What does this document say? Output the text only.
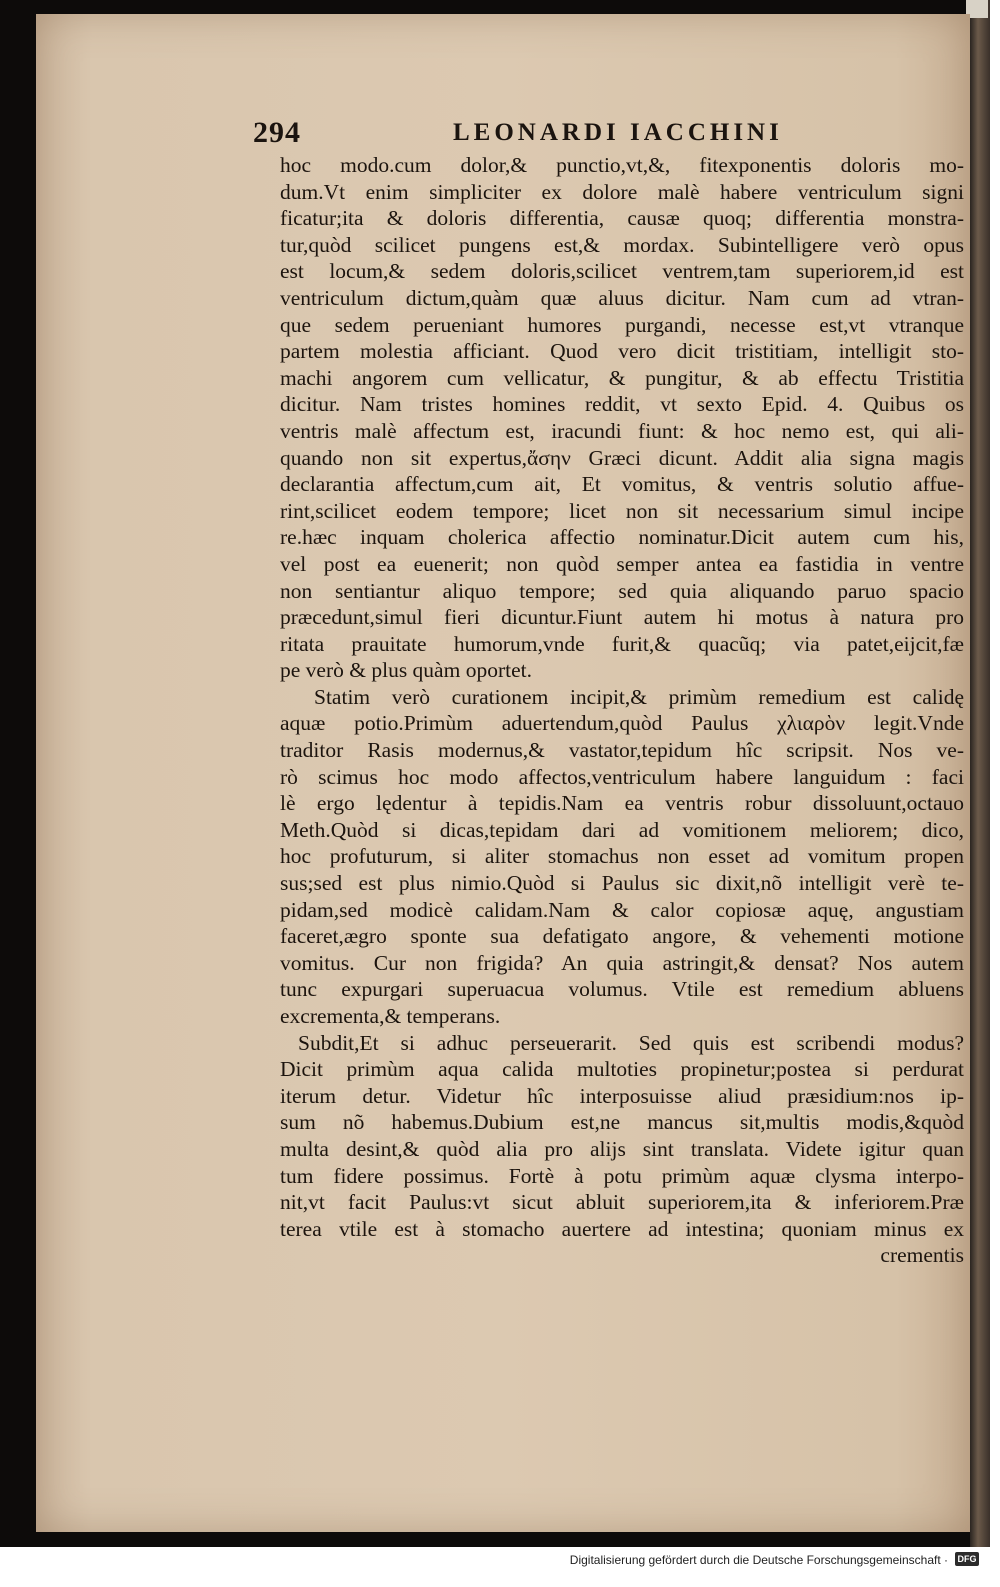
294	LEONARDI IACCHINI
hoc modo.cum dolor,& punctio,vt,&, fitexponentis doloris mo-
dum.Vt enim simpliciter ex dolore malè habere ventriculum signi
ficatur;ita & doloris differentia, causæ quoq; differentia monstra-
tur,quòd scilicet pungens est,& mordax. Subintelligere verò opus
est locum,& sedem doloris,scilicet ventrem,tam superiorem,id est
ventriculum dictum,quàm quæ aluus dicitur. Nam cum ad vtran-
que sedem perueniant humores purgandi, necesse est,vt vtranque
partem molestia afficiant. Quod vero dicit tristitiam, intelligit sto-
machi angorem cum vellicatur, & pungitur, & ab effectu Tristitia
dicitur. Nam tristes homines reddit, vt sexto Epid. 4. Quibus os
ventris malè affectum est, iracundi fiunt: & hoc nemo est, qui ali-
quando non sit expertus,ἄσην Græci dicunt. Addit alia signa magis
declarantia affectum,cum ait, Et vomitus, & ventris solutio affue-
rint,scilicet eodem tempore; licet non sit necessarium simul incipe
re.hæc inquam cholerica affectio nominatur.Dicit autem cum his,
vel post ea euenerit; non quòd semper antea ea fastidia in ventre
non sentiantur aliquo tempore; sed quia aliquando paruo spacio
præcedunt,simul fieri dicuntur.Fiunt autem hi motus à natura pro
ritata prauitate humorum,vnde furit,& quacũq; via patet,eijcit,fæ
pe verò & plus quàm oportet.
Statim verò curationem incipit,& primùm remedium est calidę
aquæ potio.Primùm aduertendum,quòd Paulus χλιαρὸν legit.Vnde
traditor Rasis modernus,& vastator,tepidum hîc scripsit. Nos ve-
rò scimus hoc modo affectos,ventriculum habere languidum : faci
lè ergo lędentur à tepidis.Nam ea ventris robur dissoluunt,octauo
Meth.Quòd si dicas,tepidam dari ad vomitionem meliorem; dico,
hoc profuturum, si aliter stomachus non esset ad vomitum propen
sus;sed est plus nimio.Quòd si Paulus sic dixit,nõ intelligit verè te-
pidam,sed modicè calidam.Nam & calor copiosæ aquę, angustiam
faceret,ægro sponte sua defatigato angore, & vehementi motione
vomitus. Cur non frigida? An quia astringit,& densat? Nos autem
tunc expurgari superuacua volumus. Vtile est remedium abluens
excrementa,& temperans.
Subdit,Et si adhuc perseuerarit. Sed quis est scribendi modus?
Dicit primùm aqua calida multoties propinetur;postea si perdurat
iterum detur. Videtur hîc interposuisse aliud præsidium:nos ip-
sum nõ habemus.Dubium est,ne mancus sit,multis modis,&quòd
multa desint,& quòd alia pro alijs sint translata. Videte igitur quan
tum fidere possimus. Fortè à potu primùm aquæ clysma interpo-
nit,vt facit Paulus:vt sicut abluit superiorem,ita & inferiorem.Præ
terea vtile est à stomacho auertere ad intestina; quoniam minus ex
crementis
Digitalisierung gefördert durch die Deutsche Forschungsgemeinschaft · DFG
